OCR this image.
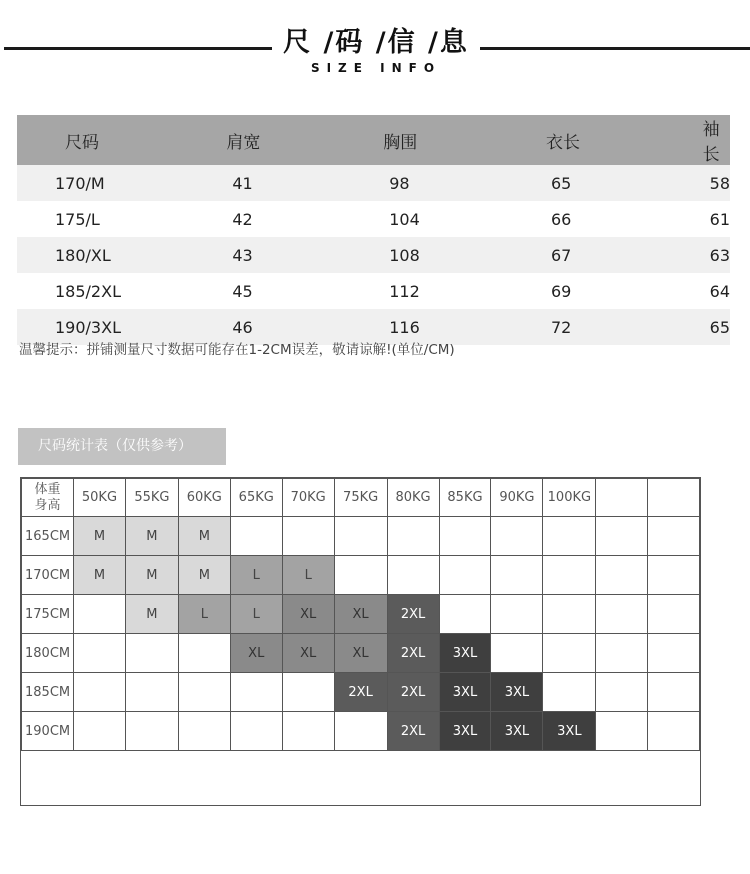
尺 /码 /信 /息
SIZE INFO
尺码	肩宽	胸围	衣长	袖长
170/M	41	98	65	58
175/L	42	104	66	61
180/XL	43	108	67	63
185/2XL	45	112	69	64
190/3XL	46	116	72	65
温馨提示：拼铺测量尺寸数据可能存在1-2CM误差，敬请谅解!(单位/CM)
尺码统计表（仅供参考）
体重
身高	50KG	55KG	60KG	65KG	70KG	75KG	80KG	85KG	90KG	100KG		
165CM	M	M	M									
170CM	M	M	M	L	L							
175CM		M	L	L	XL	XL	2XL					
180CM				XL	XL	XL	2XL	3XL				
185CM						2XL	2XL	3XL	3XL			
190CM							2XL	3XL	3XL	3XL		
